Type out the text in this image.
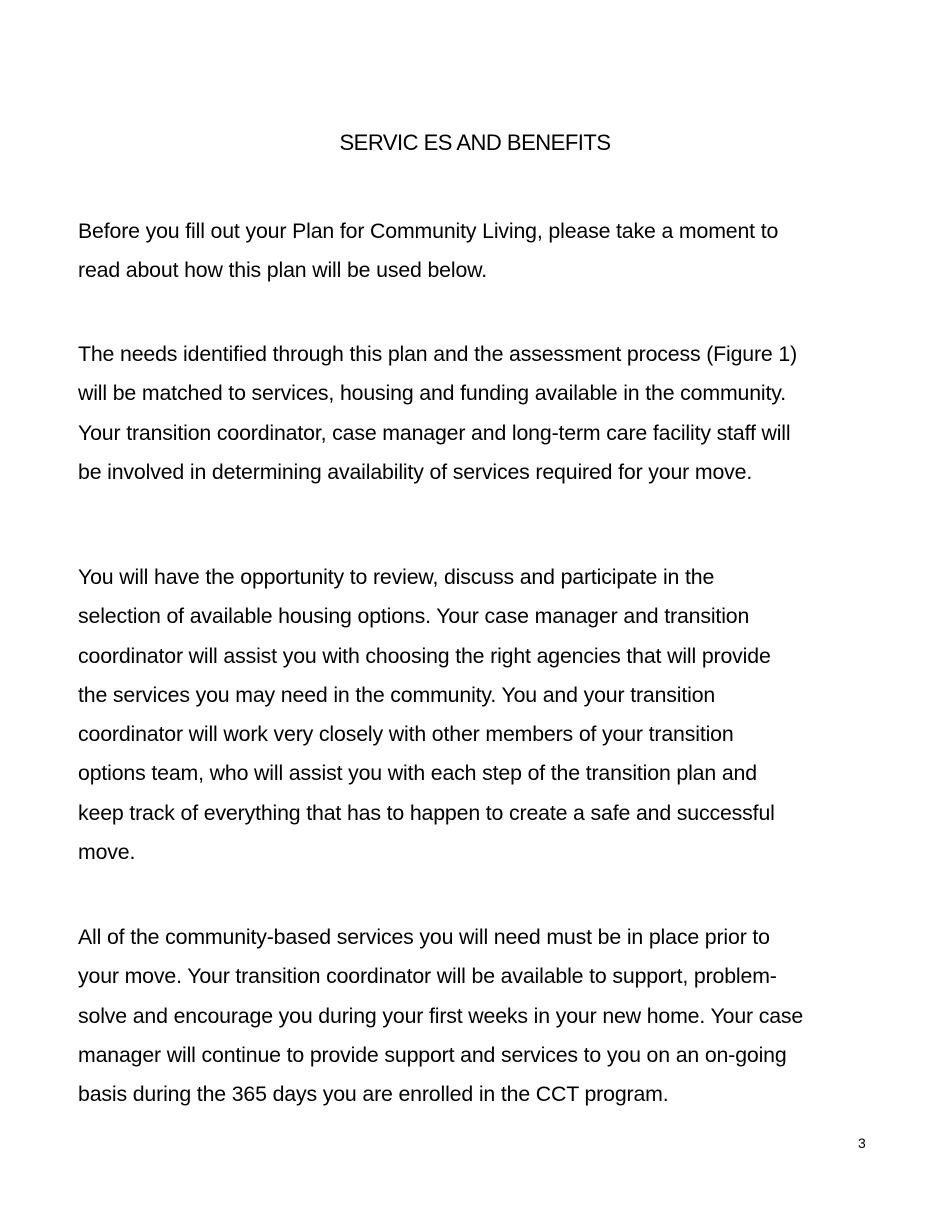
SERVIC ES AND BENEFITS

Before you fill out your Plan for Community Living, please take a moment to
read about how this plan will be used below.

The needs identified through this plan and the assessment process (Figure 1)
will be matched to services, housing and funding available in the community.
Your transition coordinator, case manager and long-term care facility staff will
be involved in determining availability of services required for your move.

You will have the opportunity to review, discuss and participate in the
selection of available housing options. Your case manager and transition
coordinator will assist you with choosing the right agencies that will provide
the services you may need in the community. You and your transition
coordinator will work very closely with other members of your transition
options team, who will assist you with each step of the transition plan and
keep track of everything that has to happen to create a safe and successful
move.

All of the community-based services you will need must be in place prior to
your move. Your transition coordinator will be available to support, problem-
solve and encourage you during your first weeks in your new home. Your case
manager will continue to provide support and services to you on an on-going
basis during the 365 days you are enrolled in the CCT program.

3
